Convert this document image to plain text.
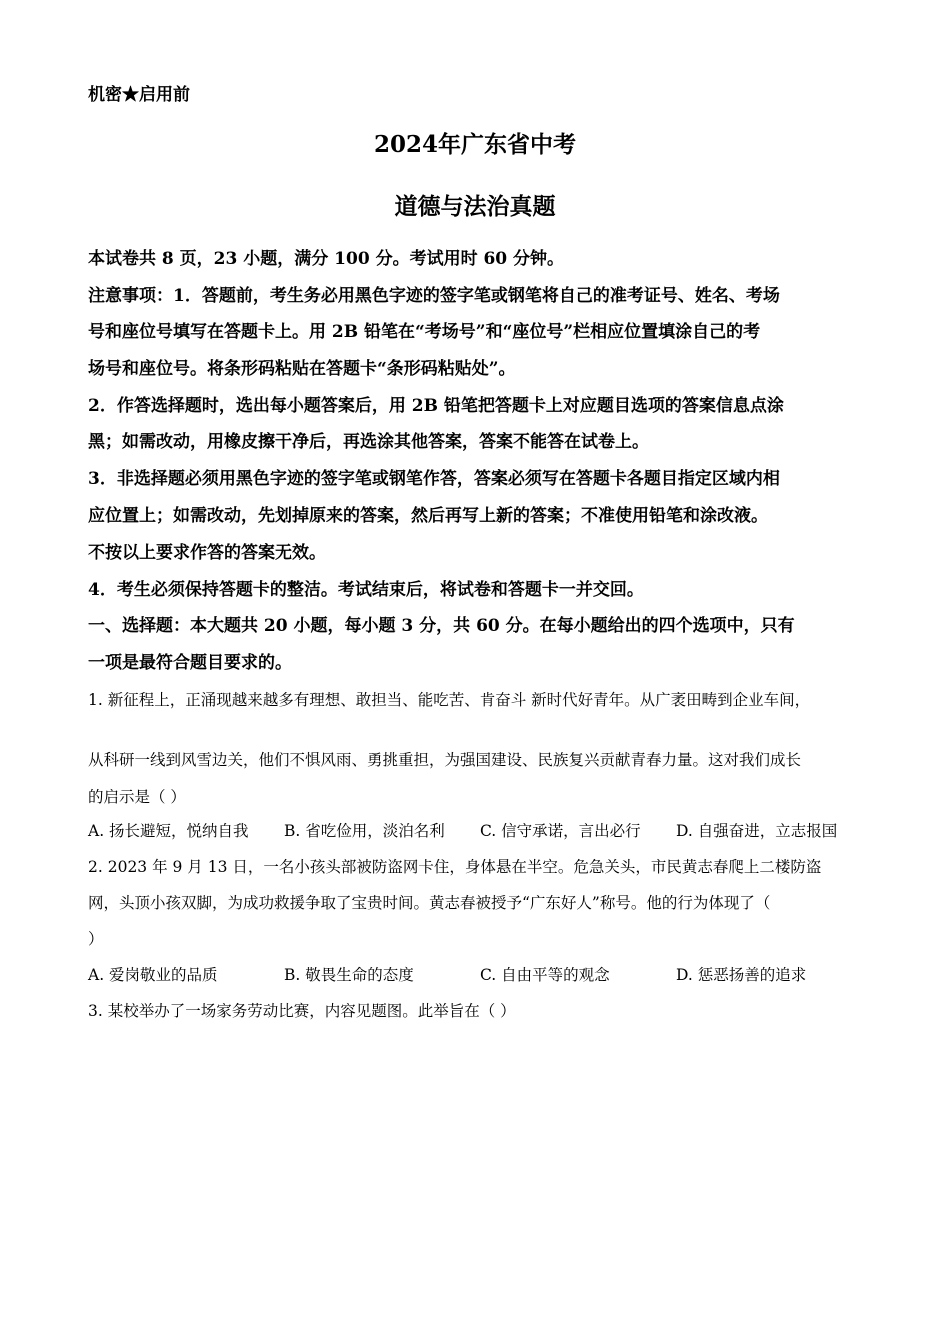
机密★启用前
2024年广东省中考
道德与法治真题
本试卷共 8 页，23 小题，满分 100 分。考试用时 60 分钟。
注意事项：1．答题前，考生务必用黑色字迹的签字笔或钢笔将自己的准考证号、姓名、考场
号和座位号填写在答题卡上。用 2B 铅笔在“考场号”和“座位号”栏相应位置填涂自己的考
场号和座位号。将条形码粘贴在答题卡“条形码粘贴处”。
2．作答选择题时，选出每小题答案后，用 2B 铅笔把答题卡上对应题目选项的答案信息点涂
黑；如需改动，用橡皮擦干净后，再选涂其他答案，答案不能答在试卷上。
3．非选择题必须用黑色字迹的签字笔或钢笔作答，答案必须写在答题卡各题目指定区域内相
应位置上；如需改动，先划掉原来的答案，然后再写上新的答案；不准使用铅笔和涂改液。
不按以上要求作答的答案无效。
4．考生必须保持答题卡的整洁。考试结束后，将试卷和答题卡一并交回。
一、选择题：本大题共 20 小题，每小题 3 分，共 60 分。在每小题给出的四个选项中，只有
一项是最符合题目要求的。
1. 新征程上，正涌现越来越多有理想、敢担当、能吃苦、肯奋斗 新时代好青年。从广袤田畴到企业车间，
从科研一线到风雪边关，他们不惧风雨、勇挑重担，为强国建设、民族复兴贡献青春力量。这对我们成长
的启示是（ ）
A. 扬长避短，悦纳自我	B. 省吃俭用，淡泊名利	C. 信守承诺，言出必行	D. 自强奋进，立志报国
2. 2023 年 9 月 13 日，一名小孩头部被防盗网卡住，身体悬在半空。危急关头，市民黄志春爬上二楼防盗
网，头顶小孩双脚，为成功救援争取了宝贵时间。黄志春被授予“广东好人”称号。他的行为体现了（
）
A. 爱岗敬业的品质	B. 敬畏生命的态度	C. 自由平等的观念	D. 惩恶扬善的追求
3. 某校举办了一场家务劳动比赛，内容见题图。此举旨在（ ）
